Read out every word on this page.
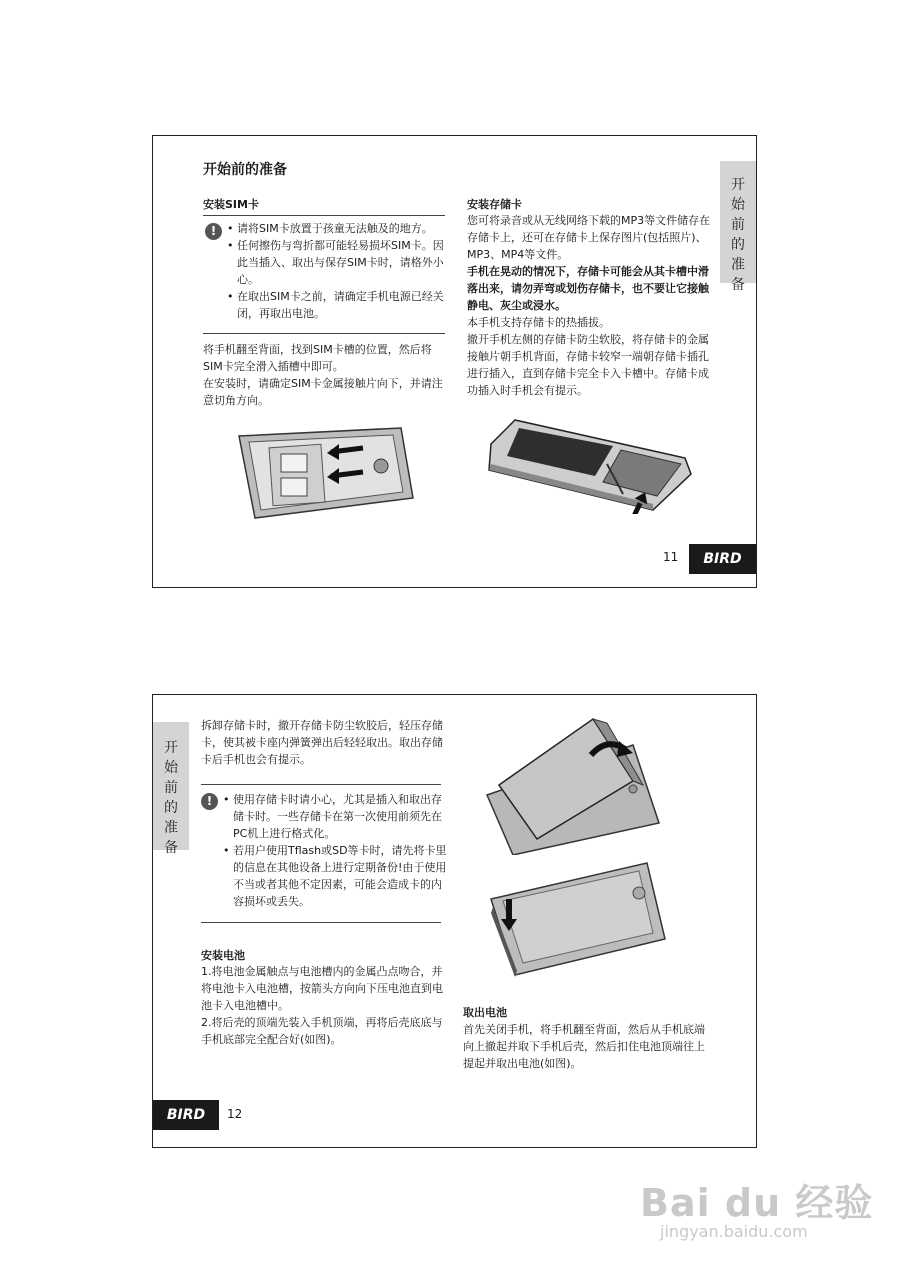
开始前的准备
开
始
前
的
准
备
安装SIM卡
!	• 请将SIM卡放置于孩童无法触及的地方。
• 任何擦伤与弯折都可能轻易损坏SIM卡。因此当插入、取出与保存SIM卡时，请格外小心。
• 在取出SIM卡之前，请确定手机电源已经关闭，再取出电池。
将手机翻至背面，找到SIM卡槽的位置，然后将SIM卡完全滑入插槽中即可。
在安装时，请确定SIM卡金属接触片向下，并请注意切角方向。
安装存储卡
您可将录音或从无线网络下载的MP3等文件储存在存储卡上，还可在存储卡上保存图片(包括照片)、MP3、MP4等文件。
手机在晃动的情况下，存储卡可能会从其卡槽中滑落出来，请勿弄弯或划伤存储卡，也不要让它接触静电、灰尘或浸水。
本手机支持存储卡的热插拔。
撤开手机左侧的存储卡防尘软胶，将存储卡的金属接触片朝手机背面，存储卡较窄一端朝存储卡插孔进行插入，直到存储卡完全卡入卡槽中。存储卡成功插入时手机会有提示。
11	BIRD
开
始
前
的
准
备
拆卸存储卡时，撤开存储卡防尘软胶后，轻压存储卡，使其被卡座内弹簧弹出后轻轻取出。取出存储卡后手机也会有提示。
!	• 使用存储卡时请小心，尤其是插入和取出存储卡时。一些存储卡在第一次使用前须先在PC机上进行格式化。
• 若用户使用Tflash或SD等卡时，请先将卡里的信息在其他设备上进行定期备份!由于使用不当或者其他不定因素，可能会造成卡的内容损坏或丢失。
安装电池
1.将电池金属触点与电池槽内的金属凸点吻合，并将电池卡入电池槽，按箭头方向向下压电池直到电池卡入电池槽中。
2.将后壳的顶端先装入手机顶端，再将后壳底底与手机底部完全配合好(如图)。
取出电池
首先关闭手机，将手机翻至背面，然后从手机底端向上撤起并取下手机后壳，然后扣住电池顶端往上提起并取出电池(如图)。
BIRD	12
Bai du 经验
jingyan.baidu.com
